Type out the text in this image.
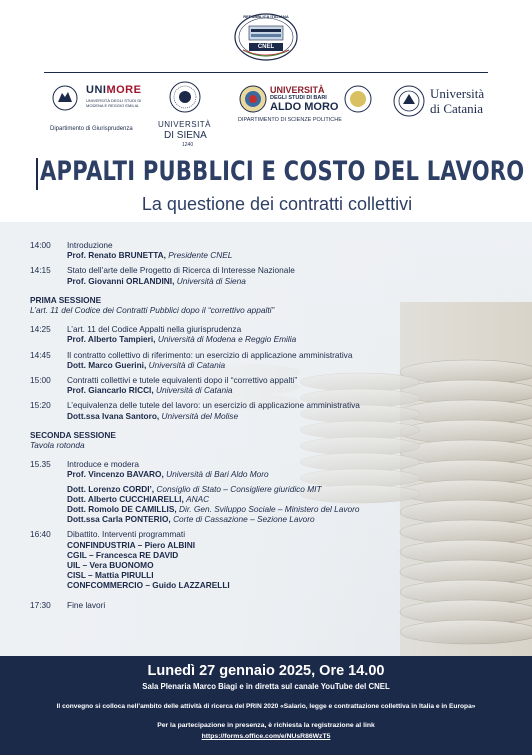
REPUBBLICA ITALIANA
CNEL
UNIMORE
UNIVERSITÀ DEGLI STUDI DI MODENA E REGGIO EMILIA
Dipartimento di Giurisprudenza	UNIVERSITÀ
DI SIENA
1240
UNIVERSITÀ
DEGLI STUDI DI BARI
ALDO MORO
DIPARTIMENTO DI SCIENZE POLITICHE
Università
di Catania
APPALTI PUBBLICI E COSTO DEL LAVORO
La questione dei contratti collettivi
14:00	Introduzione
Prof. Renato BRUNETTA, Presidente CNEL
14:15	Stato dell’arte delle Progetto di Ricerca di Interesse Nazionale
Prof. Giovanni ORLANDINI, Università di Siena
PRIMA SESSIONE
L’art. 11 del Codice dei Contratti Pubblici dopo il “correttivo appalti”
14:25	L’art. 11 del Codice Appalti nella giurisprudenza
Prof. Alberto Tampieri, Università di Modena e Reggio Emilia
14:45	Il contratto collettivo di riferimento: un esercizio di applicazione amministrativa
Dott. Marco Guerini, Università di Catania
15:00	Contratti collettivi e tutele equivalenti dopo il “correttivo appalti”
Prof. Giancarlo RICCI, Università di Catania
15:20	L’equivalenza delle tutele del lavoro: un esercizio di applicazione amministrativa
Dott.ssa Ivana Santoro, Università del Molise
SECONDA SESSIONE
Tavola rotonda
15.35	Introduce e modera
Prof. Vincenzo BAVARO, Università di Bari Aldo Moro
Dott. Lorenzo CORDI’, Consiglio di Stato – Consigliere giuridico MIT
Dott. Alberto CUCCHIARELLI, ANAC
Dott. Romolo DE CAMILLIS, Dir. Gen. Sviluppo Sociale – Ministero del Lavoro
Dott.ssa Carla PONTERIO, Corte di Cassazione – Sezione Lavoro
16:40	Dibattito. Interventi programmati
CONFINDUSTRIA – Piero ALBINI
CGIL – Francesca RE DAVID
UIL – Vera BUONOMO
CISL – Mattia PIRULLI
CONFCOMMERCIO – Guido LAZZARELLI
17:30	Fine lavori
Lunedì 27 gennaio 2025, Ore 14.00
Sala Plenaria Marco Biagi e in diretta sul canale YouTube del CNEL
Il convegno si colloca nell’ambito delle attività di ricerca del PRIN 2020 «Salario, legge e contrattazione collettiva in Italia e in Europa»
Per la partecipazione in presenza, è richiesta la registrazione al link
https://forms.office.com/e/NUsR86WzT5
